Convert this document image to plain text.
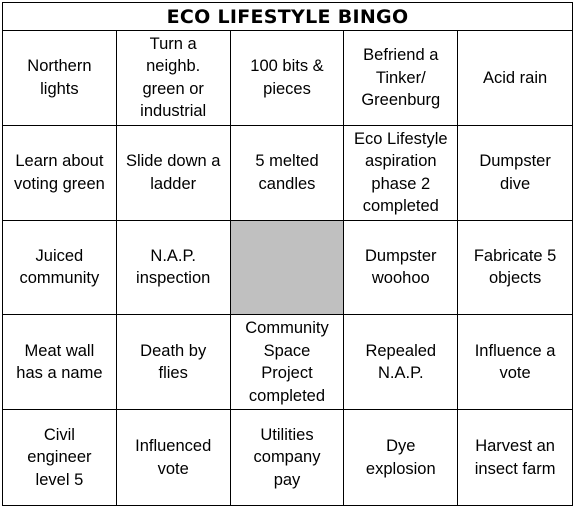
ECO LIFESTYLE BINGO
Northern
lights
Turn a
neighb.
green or
industrial
100 bits &
pieces
Befriend a
Tinker/
Greenburg
Acid rain
Learn about
voting green
Slide down a
ladder
5 melted
candles
Eco Lifestyle
aspiration
phase 2
completed
Dumpster
dive
Juiced
community
N.A.P.
inspection
Dumpster
woohoo
Fabricate 5
objects
Meat wall
has a name
Death by
flies
Community
Space
Project
completed
Repealed
N.A.P.
Influence a
vote
Civil
engineer
level 5
Influenced
vote
Utilities
company
pay
Dye
explosion
Harvest an
insect farm
